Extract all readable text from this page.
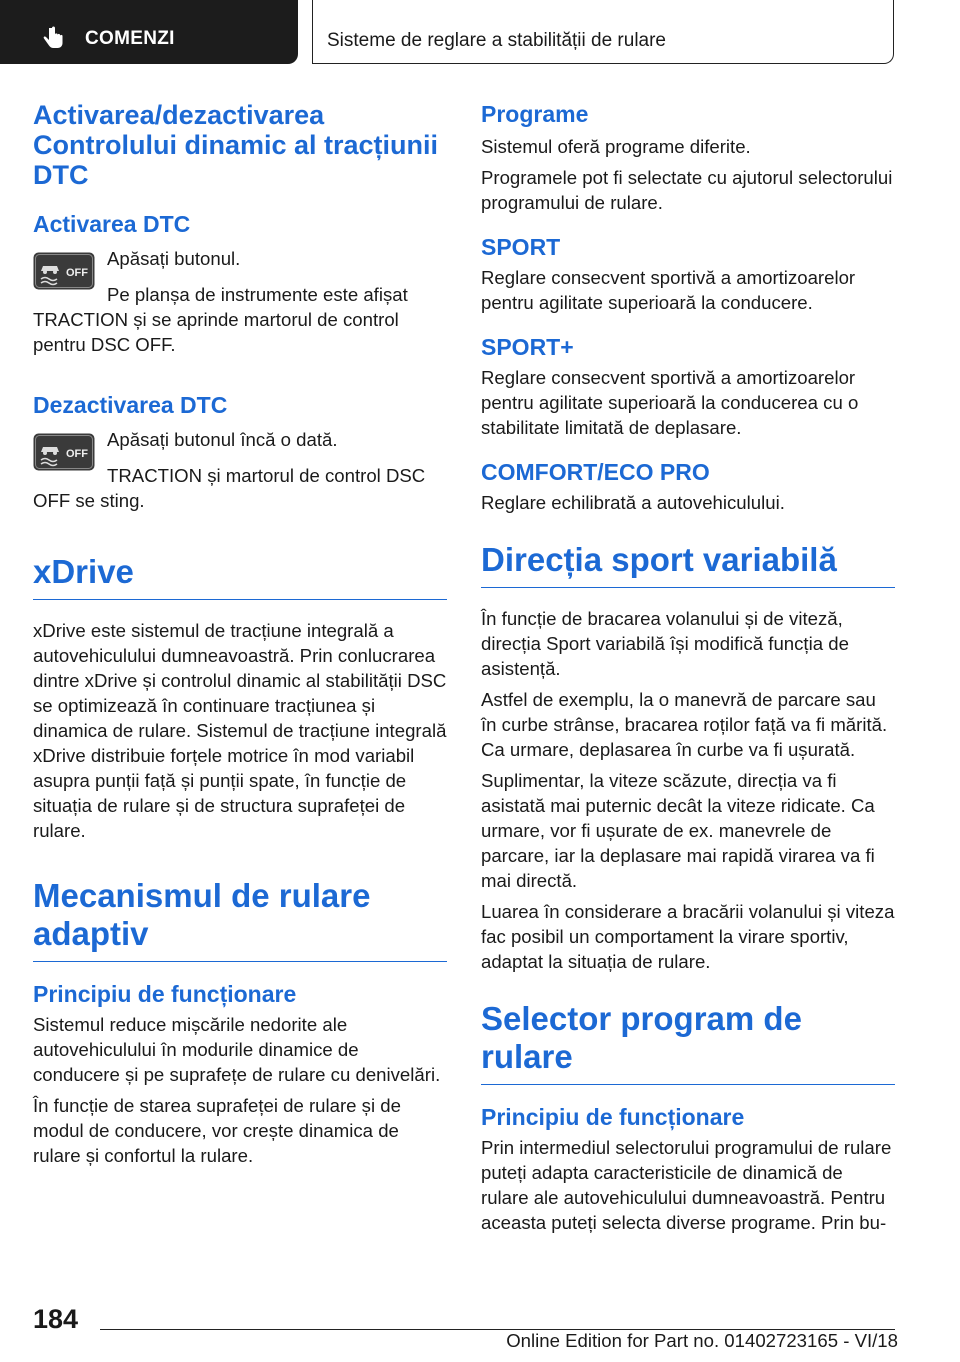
COMENZI	Sisteme de reglare a stabilității de rulare
Activarea/dezactivarea Controlului dinamic al tracțiunii DTC
Activarea DTC
OFF

Apăsați butonul.

Pe planșa de instrumente este afișat TRACTION și se aprinde martorul de control pentru DSC OFF.

Dezactivarea DTC
OFF

Apăsați butonul încă o dată.

TRACTION și martorul de control DSC OFF se sting.

xDrive

xDrive este sistemul de tracțiune integrală a autovehiculului dumneavoastră. Prin conlucrarea dintre xDrive și controlul dinamic al stabilității DSC se optimizează în continuare tracțiunea și dinamica de rulare. Sistemul de tracțiune integrală xDrive distribuie forțele motrice în mod variabil asupra punții față și punții spate, în funcție de situația de rulare și de structura suprafeței de rulare.

Mecanismul de rulare adaptiv
Principiu de funcționare

Sistemul reduce mișcările nedorite ale autovehiculului în modurile dinamice de conducere și pe suprafețe de rulare cu denivelări.

În funcție de starea suprafeței de rulare și de modul de conducere, vor crește dinamica de rulare și confortul la rulare.

Programe

Sistemul oferă programe diferite.

Programele pot fi selectate cu ajutorul selectorului programului de rulare.

SPORT

Reglare consecvent sportivă a amortizoarelor pentru agilitate superioară la conducere.

SPORT+

Reglare consecvent sportivă a amortizoarelor pentru agilitate superioară la conducerea cu o stabilitate limitată de deplasare.

COMFORT/ECO PRO

Reglare echilibrată a autovehiculului.

Direcția sport variabilă

În funcție de bracarea volanului și de viteză, direcția Sport variabilă își modifică funcția de asistență.

Astfel de exemplu, la o manevră de parcare sau în curbe strânse, bracarea roților față va fi mărită. Ca urmare, deplasarea în curbe va fi ușurată.

Suplimentar, la viteze scăzute, direcția va fi asistată mai puternic decât la viteze ridicate. Ca urmare, vor fi ușurate de ex. manevrele de parcare, iar la deplasare mai rapidă virarea va fi mai directă.

Luarea în considerare a bracării volanului și viteza fac posibil un comportament la virare sportiv, adaptat la situația de rulare.

Selector program de rulare
Principiu de funcționare

Prin intermediul selectorului programului de rulare puteți adapta caracteristicile de dinamică de rulare ale autovehiculului dumneavoastră. Pentru aceasta puteți selecta diverse programe. Prin bu-

184
Online Edition for Part no. 01402723165 - VI/18
